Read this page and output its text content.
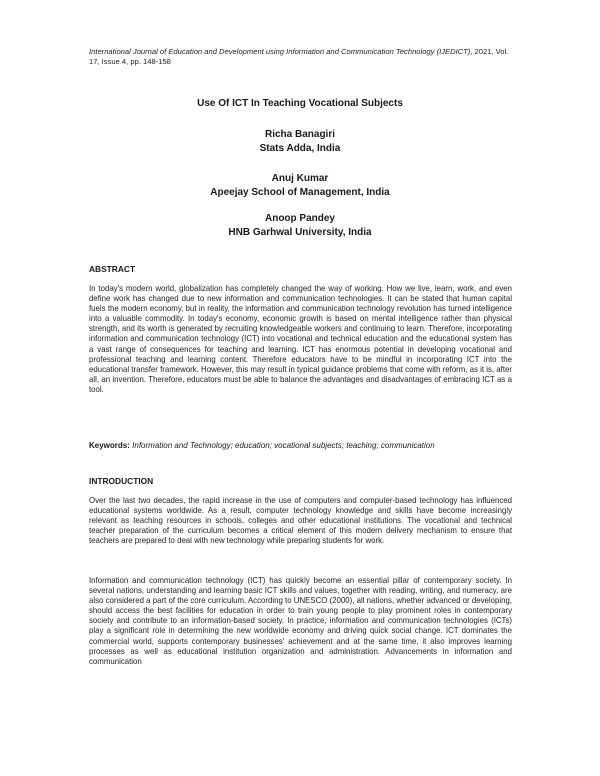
International Journal of Education and Development using Information and Communication Technology (IJEDICT), 2021, Vol. 17, Issue 4, pp. 148-158
Use Of ICT In Teaching Vocational Subjects
Richa Banagiri
Stats Adda, India
Anuj Kumar
Apeejay School of Management, India
Anoop Pandey
HNB Garhwal University, India
ABSTRACT

In today's modern world, globalization has completely changed the way of working. How we live, learn, work, and even define work has changed due to new information and communication technologies. It can be stated that human capital fuels the modern economy, but in reality, the information and communication technology revolution has turned intelligence into a valuable commodity. In today's economy, economic growth is based on mental intelligence rather than physical strength, and its worth is generated by recruiting knowledgeable workers and continuing to learn. Therefore, incorporating information and communication technology (ICT) into vocational and technical education and the educational system has a vast range of consequences for teaching and learning. ICT has enormous potential in developing vocational and professional teaching and learning content. Therefore educators have to be mindful in incorporating ICT into the educational transfer framework. However, this may result in typical guidance problems that come with reform, as it is, after all, an invention. Therefore, educators must be able to balance the advantages and disadvantages of embracing ICT as a tool.

Keywords: Information and Technology; education; vocational subjects; teaching; communication
INTRODUCTION

Over the last two decades, the rapid increase in the use of computers and computer-based technology has influenced educational systems worldwide. As a result, computer technology knowledge and skills have become increasingly relevant as teaching resources in schools, colleges and other educational institutions. The vocational and technical teacher preparation of the curriculum becomes a critical element of this modern delivery mechanism to ensure that teachers are prepared to deal with new technology while preparing students for work.

Information and communication technology (ICT) has quickly become an essential pillar of contemporary society. In several nations, understanding and learning basic ICT skills and values, together with reading, writing, and numeracy, are also considered a part of the core curriculum. According to UNESCO (2000), all nations, whether advanced or developing, should access the best facilities for education in order to train young people to play prominent roles in contemporary society and contribute to an information-based society. In practice, information and communication technologies (ICTs) play a significant role in determining the new worldwide economy and driving quick social change. ICT dominates the commercial world, supports contemporary businesses' achievement and at the same time, it also improves learning processes as well as educational institution organization and administration. Advancements in information and communication
